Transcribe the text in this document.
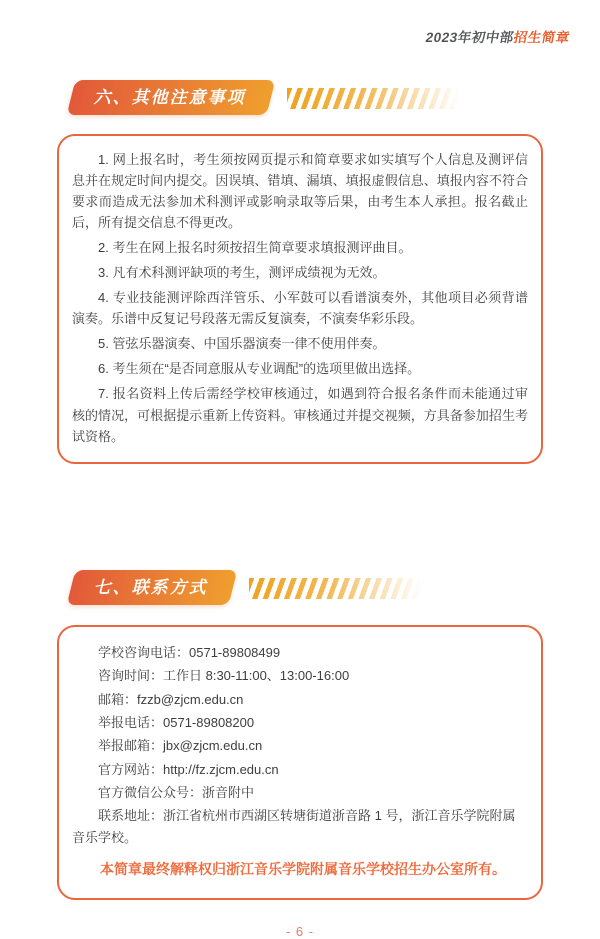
2023年初中部招生简章
六、其他注意事项

1. 网上报名时，考生须按网页提示和简章要求如实填写个人信息及测评信息并在规定时间内提交。因误填、错填、漏填、填报虚假信息、填报内容不符合要求而造成无法参加术科测评或影响录取等后果，由考生本人承担。报名截止后，所有提交信息不得更改。

2. 考生在网上报名时须按招生简章要求填报测评曲目。

3. 凡有术科测评缺项的考生，测评成绩视为无效。

4. 专业技能测评除西洋管乐、小军鼓可以看谱演奏外，其他项目必须背谱演奏。乐谱中反复记号段落无需反复演奏，不演奏华彩乐段。

5. 管弦乐器演奏、中国乐器演奏一律不使用伴奏。

6. 考生须在“是否同意服从专业调配”的选项里做出选择。

7. 报名资料上传后需经学校审核通过，如遇到符合报名条件而未能通过审核的情况，可根据提示重新上传资料。审核通过并提交视频，方具备参加招生考试资格。

七、联系方式

学校咨询电话：0571-89808499

咨询时间：工作日 8:30-11:00、13:00-16:00

邮箱：fzzb@zjcm.edu.cn

举报电话：0571-89808200

举报邮箱：jbx@zjcm.edu.cn

官方网站：http://fz.zjcm.edu.cn

官方微信公众号：浙音附中

联系地址：浙江省杭州市西湖区转塘街道浙音路 1 号，浙江音乐学院附属音乐学校。

本简章最终解释权归浙江音乐学院附属音乐学校招生办公室所有。

- 6 -
